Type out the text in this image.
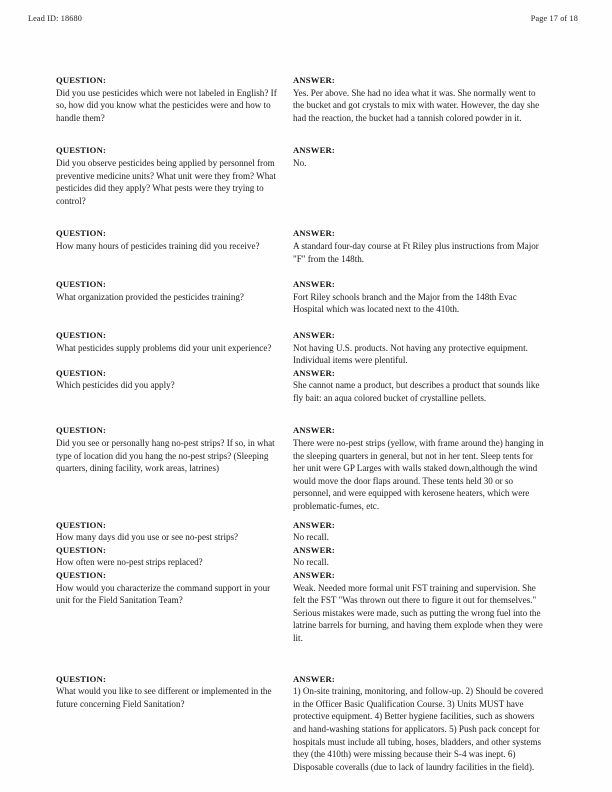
Lead ID: 18680	Page 17 of 18

QUESTION:

Did you use pesticides which were not labeled in English? If so, how did you know what the pesticides were and how to handle them?

ANSWER:

Yes. Per above. She had no idea what it was. She normally went to the bucket and got crystals to mix with water. However, the day she had the reaction, the bucket had a tannish colored powder in it.

QUESTION:

Did you observe pesticides being applied by personnel from preventive medicine units? What unit were they from? What pesticides did they apply? What pests were they trying to control?

ANSWER:

No.

QUESTION:

How many hours of pesticides training did you receive?

ANSWER:

A standard four-day course at Ft Riley plus instructions from Major "F" from the 148th.

QUESTION:

What organization provided the pesticides training?

ANSWER:

Fort Riley schools branch and the Major from the 148th Evac Hospital which was located next to the 410th.

QUESTION:

What pesticides supply problems did your unit experience?

ANSWER:

Not having U.S. products. Not having any protective equipment. Individual items were plentiful.

QUESTION:

Which pesticides did you apply?

ANSWER:

She cannot name a product, but describes a product that sounds like fly bait: an aqua colored bucket of crystalline pellets.

QUESTION:

Did you see or personally hang no-pest strips? If so, in what type of location did you hang the no-pest strips? (Sleeping quarters, dining facility, work areas, latrines)

ANSWER:

There were no-pest strips (yellow, with frame around the) hanging in the sleeping quarters in general, but not in her tent. Sleep tents for her unit were GP Larges with walls staked down,although the wind would move the door flaps around. These tents held 30 or so personnel, and were equipped with kerosene heaters, which were problematic-fumes, etc.

QUESTION:

How many days did you use or see no-pest strips?

ANSWER:

No recall.

QUESTION:

How often were no-pest strips replaced?

ANSWER:

No recall.

QUESTION:

How would you characterize the command support in your unit for the Field Sanitation Team?

ANSWER:

Weak. Needed more formal unit FST training and supervision. She felt the FST "Was thrown out there to figure it out for themselves." Serious mistakes were made, such as putting the wrong fuel into the latrine barrels for burning, and having them explode when they were lit.

QUESTION:

What would you like to see different or implemented in the future concerning Field Sanitation?

ANSWER:

1) On-site training, monitoring, and follow-up. 2) Should be covered in the Officer Basic Qualification Course. 3) Units MUST have protective equipment. 4) Better hygiene facilities, such as showers and hand-washing stations for applicators. 5) Push pack concept for hospitals must include all tubing, hoses, bladders, and other systems they (the 410th) were missing because their S-4 was inept. 6) Disposable coveralls (due to lack of laundry facilities in the field).
